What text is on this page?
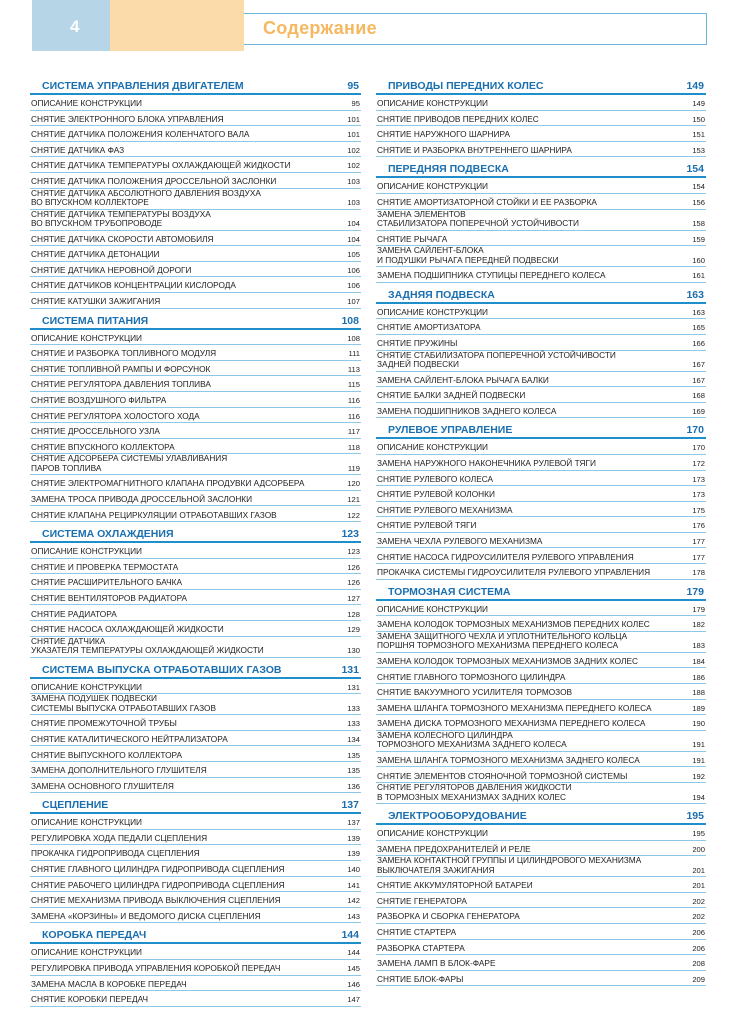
4	Содержание
СИСТЕМА УПРАВЛЕНИЯ ДВИГАТЕЛЕМ	95
ОПИСАНИЕ КОНСТРУКЦИИ	95
СНЯТИЕ ЭЛЕКТРОННОГО БЛОКА УПРАВЛЕНИЯ	101
СНЯТИЕ ДАТЧИКА ПОЛОЖЕНИЯ КОЛЕНЧАТОГО ВАЛА	101
СНЯТИЕ ДАТЧИКА ФАЗ	102
СНЯТИЕ ДАТЧИКА ТЕМПЕРАТУРЫ ОХЛАЖДАЮЩЕЙ ЖИДКОСТИ	102
СНЯТИЕ ДАТЧИКА ПОЛОЖЕНИЯ ДРОССЕЛЬНОЙ ЗАСЛОНКИ	103
СНЯТИЕ ДАТЧИКА АБСОЛЮТНОГО ДАВЛЕНИЯ ВОЗДУХА
ВО ВПУСКНОМ КОЛЛЕКТОРЕ	103
СНЯТИЕ ДАТЧИКА ТЕМПЕРАТУРЫ ВОЗДУХА
ВО ВПУСКНОМ ТРУБОПРОВОДЕ	104
СНЯТИЕ ДАТЧИКА СКОРОСТИ АВТОМОБИЛЯ	104
СНЯТИЕ ДАТЧИКА ДЕТОНАЦИИ	105
СНЯТИЕ ДАТЧИКА НЕРОВНОЙ ДОРОГИ	106
СНЯТИЕ ДАТЧИКОВ КОНЦЕНТРАЦИИ КИСЛОРОДА	106
СНЯТИЕ КАТУШКИ ЗАЖИГАНИЯ	107
СИСТЕМА ПИТАНИЯ	108
ОПИСАНИЕ КОНСТРУКЦИИ	108
СНЯТИЕ И РАЗБОРКА ТОПЛИВНОГО МОДУЛЯ	111
СНЯТИЕ ТОПЛИВНОЙ РАМПЫ И ФОРСУНОК	113
СНЯТИЕ РЕГУЛЯТОРА ДАВЛЕНИЯ ТОПЛИВА	115
СНЯТИЕ ВОЗДУШНОГО ФИЛЬТРА	116
СНЯТИЕ РЕГУЛЯТОРА ХОЛОСТОГО ХОДА	116
СНЯТИЕ ДРОССЕЛЬНОГО УЗЛА	117
СНЯТИЕ ВПУСКНОГО КОЛЛЕКТОРА	118
СНЯТИЕ АДСОРБЕРА СИСТЕМЫ УЛАВЛИВАНИЯ
ПАРОВ ТОПЛИВА	119
СНЯТИЕ ЭЛЕКТРОМАГНИТНОГО КЛАПАНА ПРОДУВКИ АДСОРБЕРА	120
ЗАМЕНА ТРОСА ПРИВОДА ДРОССЕЛЬНОЙ ЗАСЛОНКИ	121
СНЯТИЕ КЛАПАНА РЕЦИРКУЛЯЦИИ ОТРАБОТАВШИХ ГАЗОВ	122
СИСТЕМА ОХЛАЖДЕНИЯ	123
ОПИСАНИЕ КОНСТРУКЦИИ	123
СНЯТИЕ И ПРОВЕРКА ТЕРМОСТАТА	126
СНЯТИЕ РАСШИРИТЕЛЬНОГО БАЧКА	126
СНЯТИЕ ВЕНТИЛЯТОРОВ РАДИАТОРА	127
СНЯТИЕ РАДИАТОРА	128
СНЯТИЕ НАСОСА ОХЛАЖДАЮЩЕЙ ЖИДКОСТИ	129
СНЯТИЕ ДАТЧИКА
УКАЗАТЕЛЯ ТЕМПЕРАТУРЫ ОХЛАЖДАЮЩЕЙ ЖИДКОСТИ	130
СИСТЕМА ВЫПУСКА ОТРАБОТАВШИХ ГАЗОВ	131
ОПИСАНИЕ КОНСТРУКЦИИ	131
ЗАМЕНА ПОДУШЕК ПОДВЕСКИ
СИСТЕМЫ ВЫПУСКА ОТРАБОТАВШИХ ГАЗОВ	133
СНЯТИЕ ПРОМЕЖУТОЧНОЙ ТРУБЫ	133
СНЯТИЕ КАТАЛИТИЧЕСКОГО НЕЙТРАЛИЗАТОРА	134
СНЯТИЕ ВЫПУСКНОГО КОЛЛЕКТОРА	135
ЗАМЕНА ДОПОЛНИТЕЛЬНОГО ГЛУШИТЕЛЯ	135
ЗАМЕНА ОСНОВНОГО ГЛУШИТЕЛЯ	136
СЦЕПЛЕНИЕ	137
ОПИСАНИЕ КОНСТРУКЦИИ	137
РЕГУЛИРОВКА ХОДА ПЕДАЛИ СЦЕПЛЕНИЯ	139
ПРОКАЧКА ГИДРОПРИВОДА СЦЕПЛЕНИЯ	139
СНЯТИЕ ГЛАВНОГО ЦИЛИНДРА ГИДРОПРИВОДА СЦЕПЛЕНИЯ	140
СНЯТИЕ РАБОЧЕГО ЦИЛИНДРА ГИДРОПРИВОДА СЦЕПЛЕНИЯ	141
СНЯТИЕ МЕХАНИЗМА ПРИВОДА ВЫКЛЮЧЕНИЯ СЦЕПЛЕНИЯ	142
ЗАМЕНА «КОРЗИНЫ» И ВЕДОМОГО ДИСКА СЦЕПЛЕНИЯ	143
КОРОБКА ПЕРЕДАЧ	144
ОПИСАНИЕ КОНСТРУКЦИИ	144
РЕГУЛИРОВКА ПРИВОДА УПРАВЛЕНИЯ КОРОБКОЙ ПЕРЕДАЧ	145
ЗАМЕНА МАСЛА В КОРОБКЕ ПЕРЕДАЧ	146
СНЯТИЕ КОРОБКИ ПЕРЕДАЧ	147
ПРИВОДЫ ПЕРЕДНИХ КОЛЕС	149
ОПИСАНИЕ КОНСТРУКЦИИ	149
СНЯТИЕ ПРИВОДОВ ПЕРЕДНИХ КОЛЕС	150
СНЯТИЕ НАРУЖНОГО ШАРНИРА	151
СНЯТИЕ И РАЗБОРКА ВНУТРЕННЕГО ШАРНИРА	153
ПЕРЕДНЯЯ ПОДВЕСКА	154
ОПИСАНИЕ КОНСТРУКЦИИ	154
СНЯТИЕ АМОРТИЗАТОРНОЙ СТОЙКИ И ЕЕ РАЗБОРКА	156
ЗАМЕНА ЭЛЕМЕНТОВ
СТАБИЛИЗАТОРА ПОПЕРЕЧНОЙ УСТОЙЧИВОСТИ	158
СНЯТИЕ РЫЧАГА	159
ЗАМЕНА САЙЛЕНТ-БЛОКА
И ПОДУШКИ РЫЧАГА ПЕРЕДНЕЙ ПОДВЕСКИ	160
ЗАМЕНА ПОДШИПНИКА СТУПИЦЫ ПЕРЕДНЕГО КОЛЕСА	161
ЗАДНЯЯ ПОДВЕСКА	163
ОПИСАНИЕ КОНСТРУКЦИИ	163
СНЯТИЕ АМОРТИЗАТОРА	165
СНЯТИЕ ПРУЖИНЫ	166
СНЯТИЕ СТАБИЛИЗАТОРА ПОПЕРЕЧНОЙ УСТОЙЧИВОСТИ
ЗАДНЕЙ ПОДВЕСКИ	167
ЗАМЕНА САЙЛЕНТ-БЛОКА РЫЧАГА БАЛКИ	167
СНЯТИЕ БАЛКИ ЗАДНЕЙ ПОДВЕСКИ	168
ЗАМЕНА ПОДШИПНИКОВ ЗАДНЕГО КОЛЕСА	169
РУЛЕВОЕ УПРАВЛЕНИЕ	170
ОПИСАНИЕ КОНСТРУКЦИИ	170
ЗАМЕНА НАРУЖНОГО НАКОНЕЧНИКА РУЛЕВОЙ ТЯГИ	172
СНЯТИЕ РУЛЕВОГО КОЛЕСА	173
СНЯТИЕ РУЛЕВОЙ КОЛОНКИ	173
СНЯТИЕ РУЛЕВОГО МЕХАНИЗМА	175
СНЯТИЕ РУЛЕВОЙ ТЯГИ	176
ЗАМЕНА ЧЕХЛА РУЛЕВОГО МЕХАНИЗМА	177
СНЯТИЕ НАСОСА ГИДРОУСИЛИТЕЛЯ РУЛЕВОГО УПРАВЛЕНИЯ	177
ПРОКАЧКА СИСТЕМЫ ГИДРОУСИЛИТЕЛЯ РУЛЕВОГО УПРАВЛЕНИЯ	178
ТОРМОЗНАЯ СИСТЕМА	179
ОПИСАНИЕ КОНСТРУКЦИИ	179
ЗАМЕНА КОЛОДОК ТОРМОЗНЫХ МЕХАНИЗМОВ ПЕРЕДНИХ КОЛЕС	182
ЗАМЕНА ЗАЩИТНОГО ЧЕХЛА И УПЛОТНИТЕЛЬНОГО КОЛЬЦА
ПОРШНЯ ТОРМОЗНОГО МЕХАНИЗМА ПЕРЕДНЕГО КОЛЕСА	183
ЗАМЕНА КОЛОДОК ТОРМОЗНЫХ МЕХАНИЗМОВ ЗАДНИХ КОЛЕС	184
СНЯТИЕ ГЛАВНОГО ТОРМОЗНОГО ЦИЛИНДРА	186
СНЯТИЕ ВАКУУМНОГО УСИЛИТЕЛЯ ТОРМОЗОВ	188
ЗАМЕНА ШЛАНГА ТОРМОЗНОГО МЕХАНИЗМА ПЕРЕДНЕГО КОЛЕСА	189
ЗАМЕНА ДИСКА ТОРМОЗНОГО МЕХАНИЗМА ПЕРЕДНЕГО КОЛЕСА	190
ЗАМЕНА КОЛЕСНОГО ЦИЛИНДРА
ТОРМОЗНОГО МЕХАНИЗМА ЗАДНЕГО КОЛЕСА	191
ЗАМЕНА ШЛАНГА ТОРМОЗНОГО МЕХАНИЗМА ЗАДНЕГО КОЛЕСА	191
СНЯТИЕ ЭЛЕМЕНТОВ СТОЯНОЧНОЙ ТОРМОЗНОЙ СИСТЕМЫ	192
СНЯТИЕ РЕГУЛЯТОРОВ ДАВЛЕНИЯ ЖИДКОСТИ
В ТОРМОЗНЫХ МЕХАНИЗМАХ ЗАДНИХ КОЛЕС	194
ЭЛЕКТРООБОРУДОВАНИЕ	195
ОПИСАНИЕ КОНСТРУКЦИИ	195
ЗАМЕНА ПРЕДОХРАНИТЕЛЕЙ И РЕЛЕ	200
ЗАМЕНА КОНТАКТНОЙ ГРУППЫ И ЦИЛИНДРОВОГО МЕХАНИЗМА
ВЫКЛЮЧАТЕЛЯ ЗАЖИГАНИЯ	201
СНЯТИЕ АККУМУЛЯТОРНОЙ БАТАРЕИ	201
СНЯТИЕ ГЕНЕРАТОРА	202
РАЗБОРКА И СБОРКА ГЕНЕРАТОРА	202
СНЯТИЕ СТАРТЕРА	206
РАЗБОРКА СТАРТЕРА	206
ЗАМЕНА ЛАМП В БЛОК-ФАРЕ	208
СНЯТИЕ БЛОК-ФАРЫ	209
